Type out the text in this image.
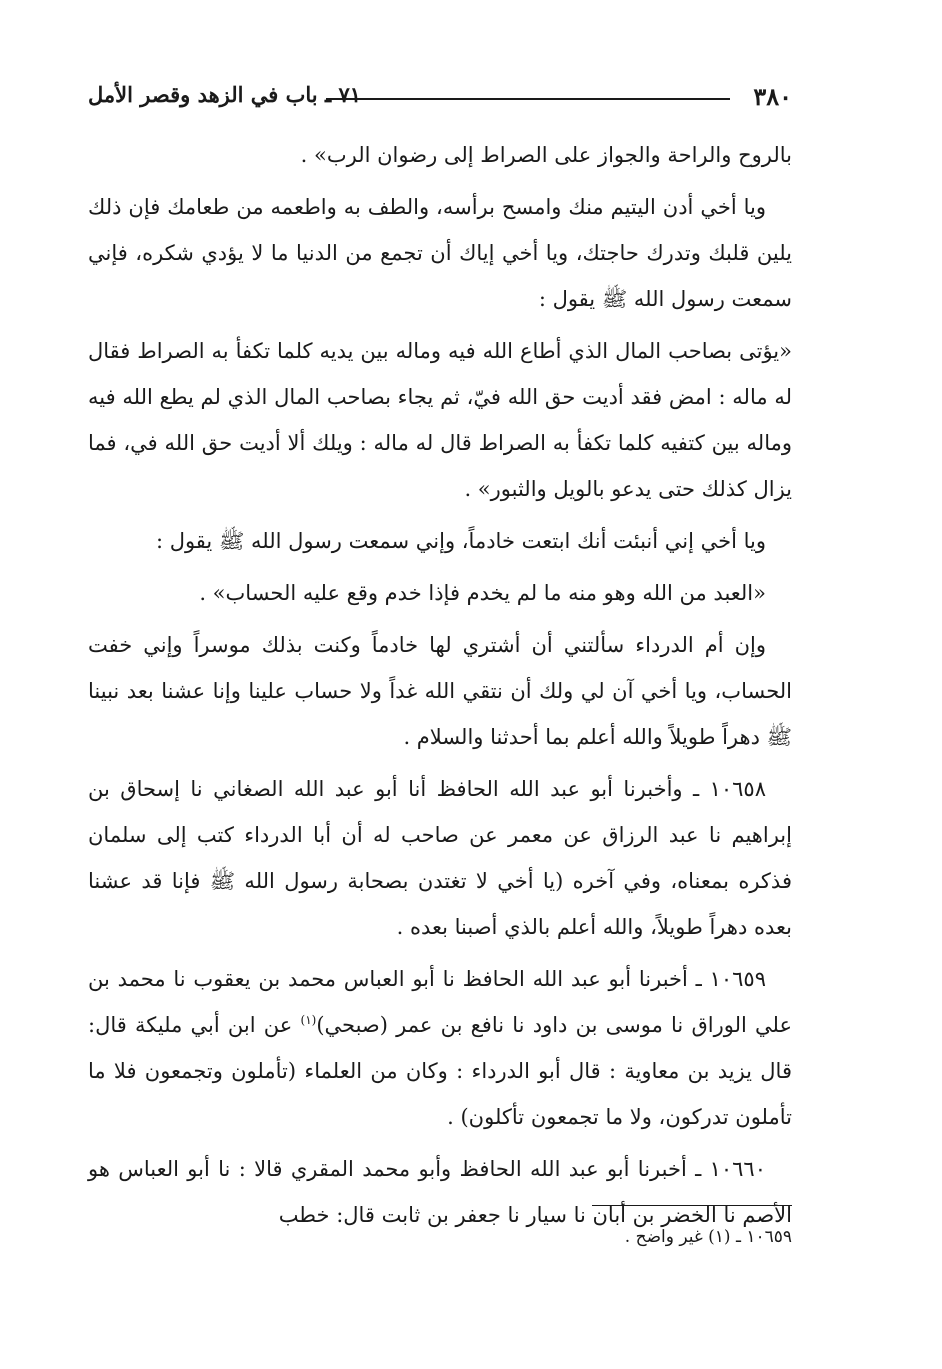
٣٨٠
٧١ ـ باب في الزهد وقصر الأمل

بالروح والراحة والجواز على الصراط إلى رضوان الرب» .

ويا أخي أدن اليتيم منك وامسح برأسه، والطف به واطعمه من طعامك فإن ذلك يلين قلبك وتدرك حاجتك، ويا أخي إياك أن تجمع من الدنيا ما لا يؤدي شكره، فإني سمعت رسول الله ﷺ يقول :

«يؤتى بصاحب المال الذي أطاع الله فيه وماله بين يديه كلما تكفأ به الصراط فقال له ماله : امض فقد أديت حق الله فيّ، ثم يجاء بصاحب المال الذي لم يطع الله فيه وماله بين كتفيه كلما تكفأ به الصراط قال له ماله : ويلك ألا أديت حق الله في، فما يزال كذلك حتى يدعو بالويل والثبور» .

ويا أخي إني أنبئت أنك ابتعت خادماً، وإني سمعت رسول الله ﷺ يقول :

«العبد من الله وهو منه ما لم يخدم فإذا خدم وقع عليه الحساب» .

وإن أم الدرداء سألتني أن أشتري لها خادماً وكنت بذلك موسراً وإني خفت الحساب، ويا أخي آن لي ولك أن نتقي الله غداً ولا حساب علينا وإنا عشنا بعد نبينا ﷺ دهراً طويلاً والله أعلم بما أحدثنا والسلام .

١٠٦٥٨ ـ وأخبرنا أبو عبد الله الحافظ أنا أبو عبد الله الصغاني نا إسحاق بن إبراهيم نا عبد الرزاق عن معمر عن صاحب له أن أبا الدرداء كتب إلى سلمان فذكره بمعناه، وفي آخره (يا أخي لا تغتدن بصحابة رسول الله ﷺ فإنا قد عشنا بعده دهراً طويلاً، والله أعلم بالذي أصبنا بعده .

١٠٦٥٩ ـ أخبرنا أبو عبد الله الحافظ نا أبو العباس محمد بن يعقوب نا محمد بن علي الوراق نا موسى بن داود نا نافع بن عمر (صبحي)$^{(١)}$ عن ابن أبي مليكة قال: قال يزيد بن معاوية : قال أبو الدرداء : وكان من العلماء (تأملون وتجمعون فلا ما تأملون تدركون، ولا ما تجمعون تأكلون) .

١٠٦٦٠ ـ أخبرنا أبو عبد الله الحافظ وأبو محمد المقري قالا : نا أبو العباس هو الأصم نا الخضر بن أبان نا سيار نا جعفر بن ثابت قال: خطب

١٠٦٥٩ ـ (١) غير واضح .
